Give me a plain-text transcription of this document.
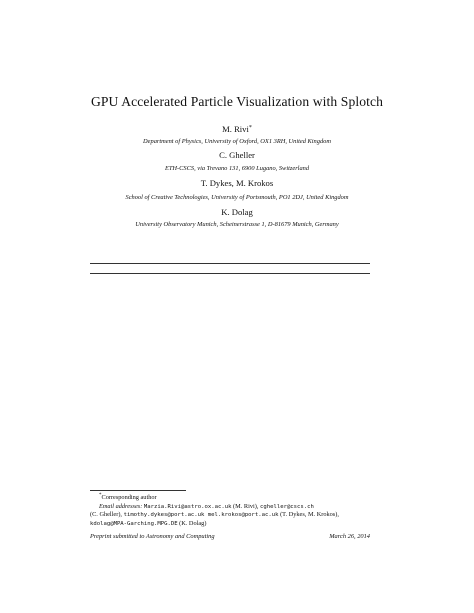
GPU Accelerated Particle Visualization with Splotch
M. Rivi*
Department of Physics, University of Oxford, OX1 3RH, United Kingdom
C. Gheller
ETH-CSCS, via Trevano 131, 6900 Lugano, Switzerland
T. Dykes, M. Krokos
School of Creative Technologies, University of Portsmouth, PO1 2DJ, United Kingdom
K. Dolag
University Observatory Munich, Scheinerstrasse 1, D-81679 Munich, Germany
*Corresponding author
Email addresses: Marzia.Rivi@astro.ox.ac.uk (M. Rivi), cgheller@cscs.ch
(C. Gheller), timothy.dykes@port.ac.uk mel.krokos@port.ac.uk (T. Dykes, M. Krokos),
kdolag@MPA-Garching.MPG.DE (K. Dolag)
Preprint submitted to Astronomy and Computing	March 26, 2014
